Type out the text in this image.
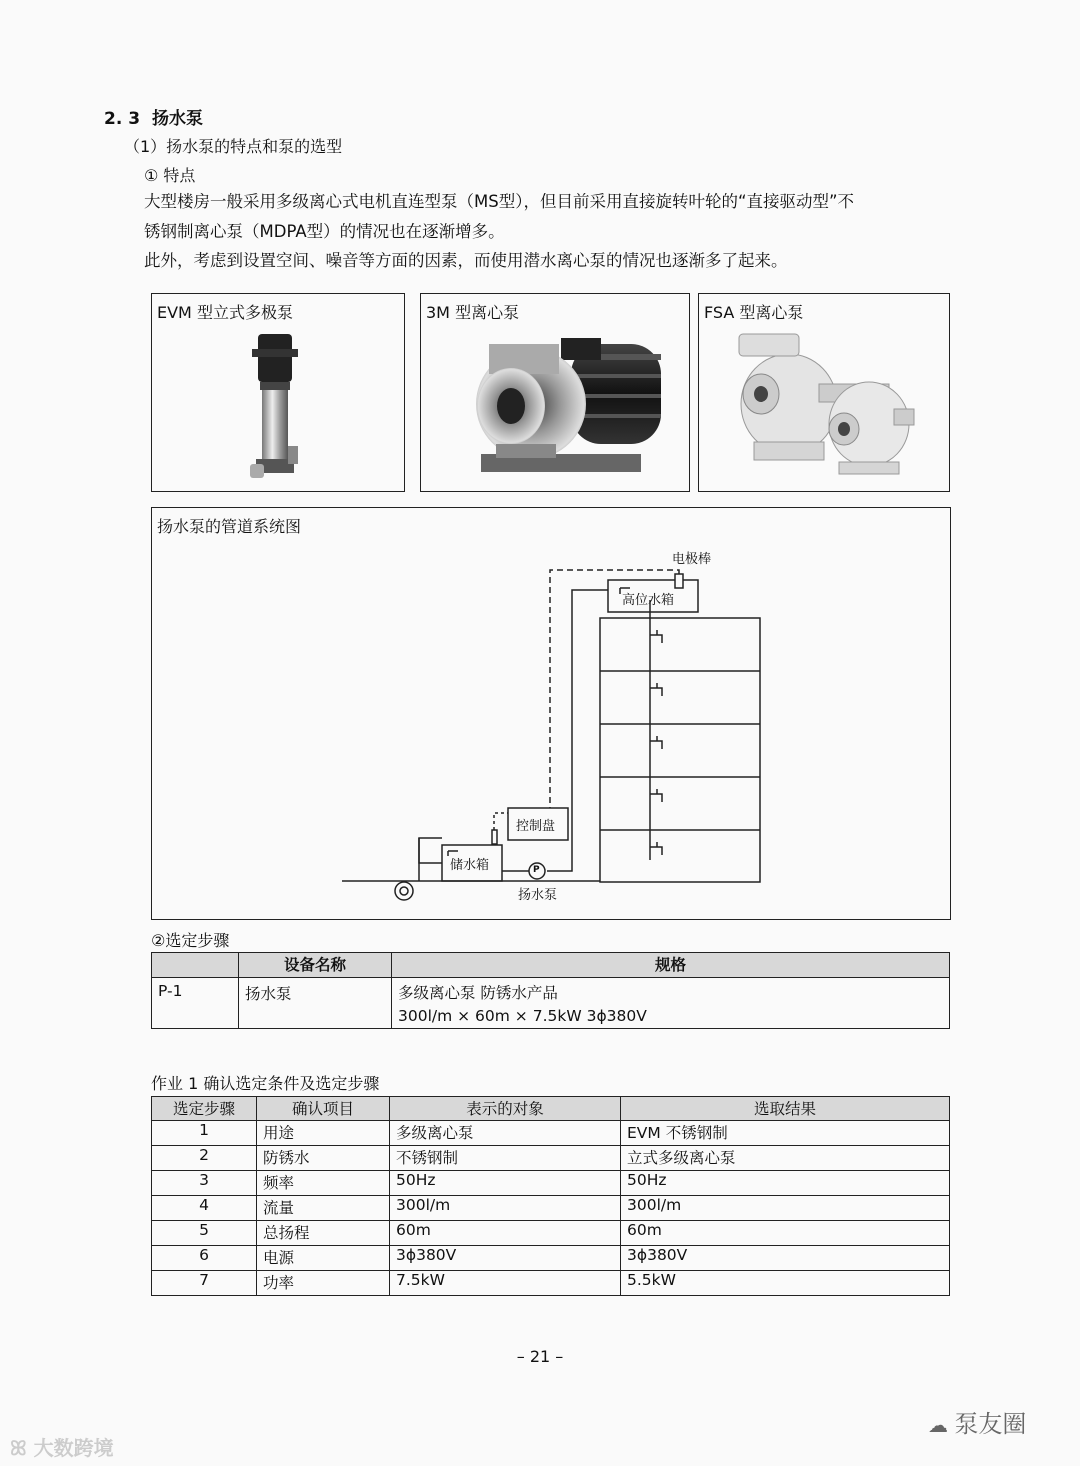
2. 3 扬水泵
（1）扬水泵的特点和泵的选型
① 特点
大型楼房一般采用多级离心式电机直连型泵（MS型），但目前采用直接旋转叶轮的“直接驱动型”不
锈钢制离心泵（MDPA型）的情况也在逐渐增多。
此外，考虑到设置空间、噪音等方面的因素，而使用潜水离心泵的情况也逐渐多了起来。
EVM 型立式多极泵	3M 型离心泵	FSA 型离心泵
扬水泵的管道系统图
电极棒
高位水箱
控制盘
储水箱	P
扬水泵
②选定步骤
	设备名称	规格
P-1	扬水泵	多级离心泵 防锈水产品
300l/m × 60m × 7.5kW 3ϕ380V
作业 1 确认选定条件及选定步骤
选定步骤	确认项目	表示的对象	选取结果
1	用途	多级离心泵	EVM 不锈钢制
2	防锈水	不锈钢制	立式多级离心泵
3	频率	50Hz	50Hz
4	流量	300l/m	300l/m
5	总扬程	60m	60m
6	电源	3ϕ380V	3ϕ380V
7	功率	7.5kW	5.5kW
– 21 –
ꕤ 大数跨境
☁ 泵友圈
